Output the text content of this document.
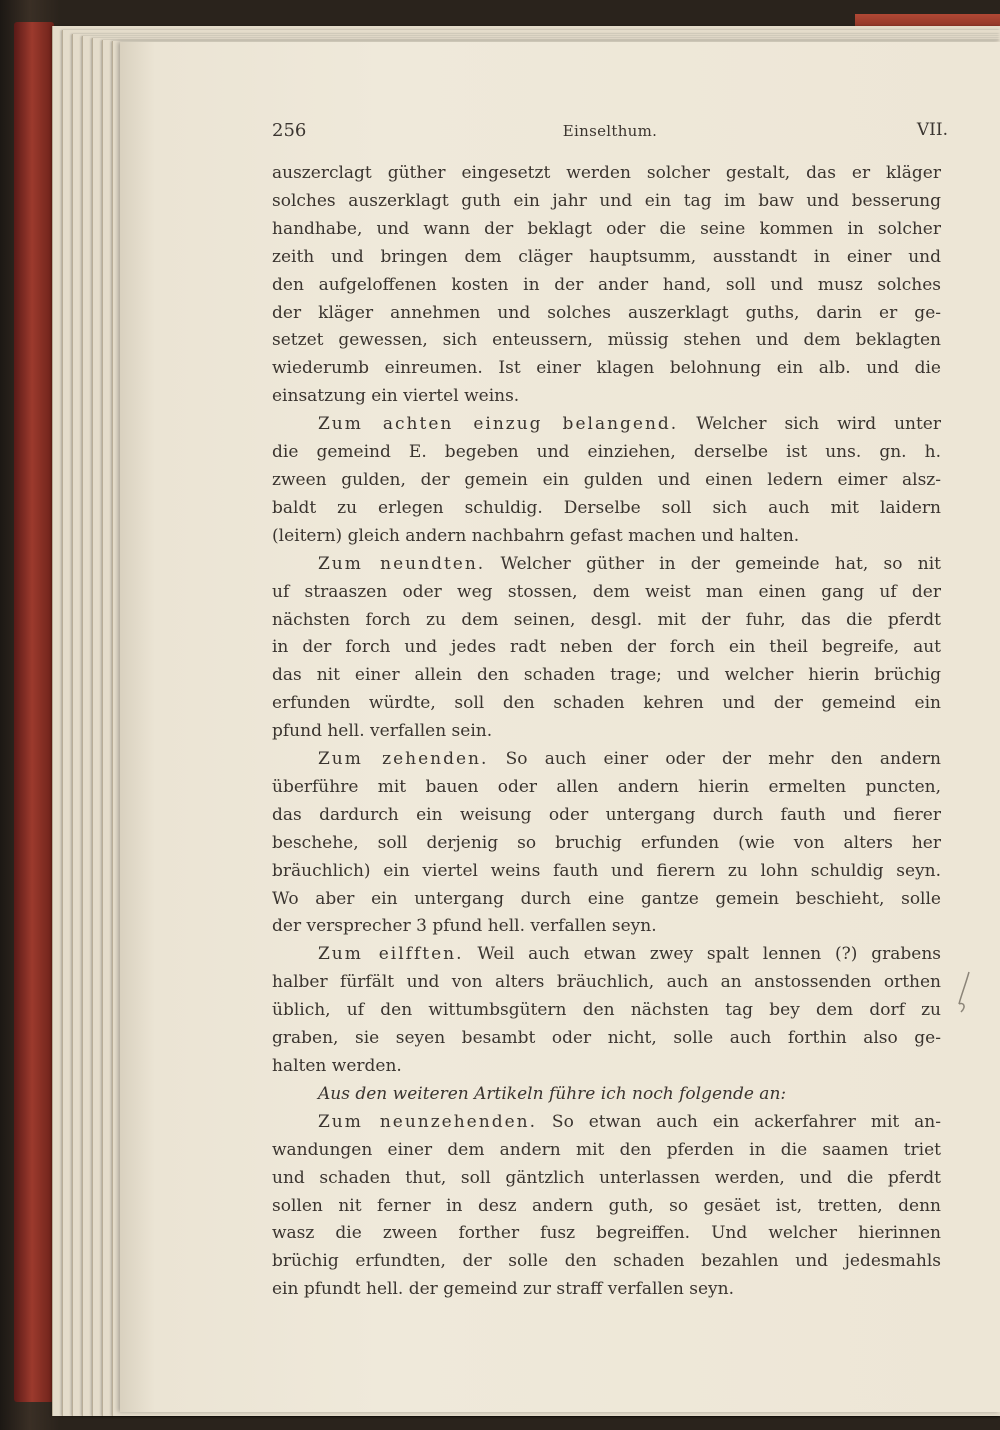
256	Einselthum.	VII.

auszerclagt güther eingesetzt werden solcher gestalt, das er kläger

solches auszerklagt guth ein jahr und ein tag im baw und besserung

handhabe, und wann der beklagt oder die seine kommen in solcher

zeith und bringen dem cläger hauptsumm, ausstandt in einer und

den aufgeloffenen kosten in der ander hand, soll und musz solches

der kläger annehmen und solches auszerklagt guths, darin er ge-

setzet gewessen, sich enteussern, müssig stehen und dem beklagten

wiederumb einreumen. Ist einer klagen belohnung ein alb. und die

einsatzung ein viertel weins.

Zum achten einzug belangend. Welcher sich wird unter

die gemeind E. begeben und einziehen, derselbe ist uns. gn. h.

zween gulden, der gemein ein gulden und einen ledern eimer alsz-

baldt zu erlegen schuldig. Derselbe soll sich auch mit laidern

(leitern) gleich andern nachbahrn gefast machen und halten.

Zum neundten. Welcher güther in der gemeinde hat, so nit

uf straaszen oder weg stossen, dem weist man einen gang uf der

nächsten forch zu dem seinen, desgl. mit der fuhr, das die pferdt

in der forch und jedes radt neben der forch ein theil begreife, aut

das nit einer allein den schaden trage; und welcher hierin brüchig

erfunden würdte, soll den schaden kehren und der gemeind ein

pfund hell. verfallen sein.

Zum zehenden. So auch einer oder der mehr den andern

überführe mit bauen oder allen andern hierin ermelten puncten,

das dardurch ein weisung oder untergang durch fauth und fierer

beschehe, soll derjenig so bruchig erfunden (wie von alters her

bräuchlich) ein viertel weins fauth und fierern zu lohn schuldig seyn.

Wo aber ein untergang durch eine gantze gemein beschieht, solle

der versprecher 3 pfund hell. verfallen seyn.

Zum eilfften. Weil auch etwan zwey spalt lennen (?) grabens

halber fürfält und von alters bräuchlich, auch an anstossenden orthen

üblich, uf den wittumbsgütern den nächsten tag bey dem dorf zu

graben, sie seyen besambt oder nicht, solle auch forthin also ge-

halten werden.

Aus den weiteren Artikeln führe ich noch folgende an:

Zum neunzehenden. So etwan auch ein ackerfahrer mit an-

wandungen einer dem andern mit den pferden in die saamen triet

und schaden thut, soll gäntzlich unterlassen werden, und die pferdt

sollen nit ferner in desz andern guth, so gesäet ist, tretten, denn

wasz die zween forther fusz begreiffen. Und welcher hierinnen

brüchig erfundten, der solle den schaden bezahlen und jedesmahls

ein pfundt hell. der gemeind zur straff verfallen seyn.
